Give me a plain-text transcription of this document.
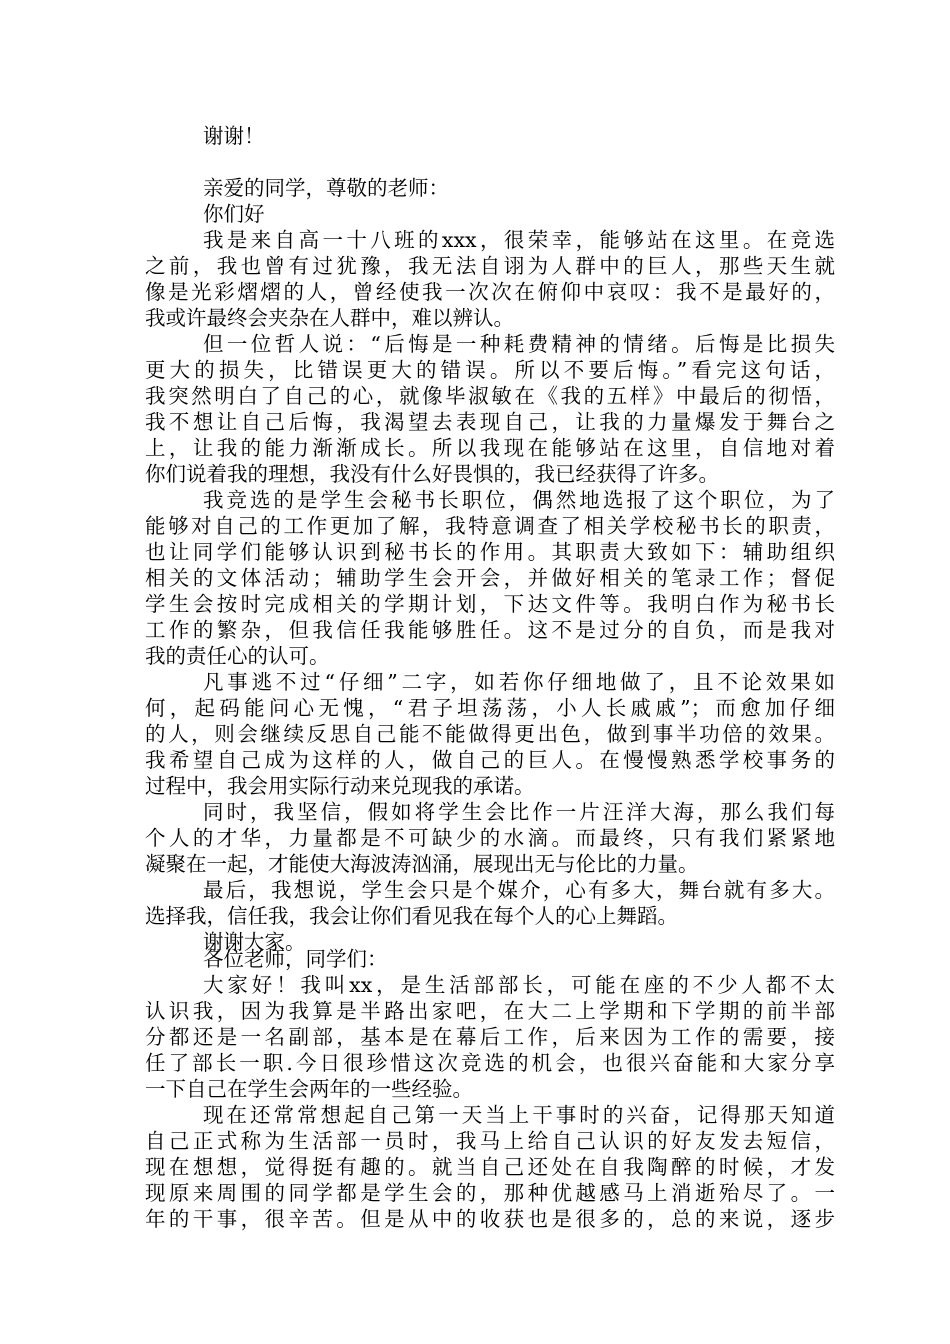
谢谢！
亲爱的同学，尊敬的老师：
你们好
我是来自高一十八班的xxx，很荣幸，能够站在这里。在竞选
之前，我也曾有过犹豫，我无法自诩为人群中的巨人，那些天生就
像是光彩熠熠的人，曾经使我一次次在俯仰中哀叹：我不是最好的，
我或许最终会夹杂在人群中，难以辨认。
但一位哲人说：“后悔是一种耗费精神的情绪。后悔是比损失
更大的损失，比错误更大的错误。所以不要后悔。”看完这句话，
我突然明白了自己的心，就像毕淑敏在《我的五样》中最后的彻悟，
我不想让自己后悔，我渴望去表现自己，让我的力量爆发于舞台之
上，让我的能力渐渐成长。所以我现在能够站在这里，自信地对着
你们说着我的理想，我没有什么好畏惧的，我已经获得了许多。
我竞选的是学生会秘书长职位，偶然地选报了这个职位，为了
能够对自己的工作更加了解，我特意调查了相关学校秘书长的职责，
也让同学们能够认识到秘书长的作用。其职责大致如下：辅助组织
相关的文体活动；辅助学生会开会，并做好相关的笔录工作；督促
学生会按时完成相关的学期计划，下达文件等。我明白作为秘书长
工作的繁杂，但我信任我能够胜任。这不是过分的自负，而是我对
我的责任心的认可。
凡事逃不过“仔细”二字，如若你仔细地做了，且不论效果如
何，起码能问心无愧，“君子坦荡荡，小人长戚戚”；而愈加仔细
的人，则会继续反思自己能不能做得更出色，做到事半功倍的效果。
我希望自己成为这样的人，做自己的巨人。在慢慢熟悉学校事务的
过程中，我会用实际行动来兑现我的承诺。
同时，我坚信，假如将学生会比作一片汪洋大海，那么我们每
个人的才华，力量都是不可缺少的水滴。而最终，只有我们紧紧地
凝聚在一起，才能使大海波涛汹涌，展现出无与伦比的力量。
最后，我想说，学生会只是个媒介，心有多大，舞台就有多大。
选择我，信任我，我会让你们看见我在每个人的心上舞蹈。
谢谢大家。
各位老师，同学们：
大家好！我叫xx，是生活部部长，可能在座的不少人都不太
认识我，因为我算是半路出家吧，在大二上学期和下学期的前半部
分都还是一名副部，基本是在幕后工作，后来因为工作的需要，接
任了部长一职.今日很珍惜这次竞选的机会，也很兴奋能和大家分享
一下自己在学生会两年的一些经验。
现在还常常想起自己第一天当上干事时的兴奋，记得那天知道
自己正式称为生活部一员时，我马上给自己认识的好友发去短信，
现在想想，觉得挺有趣的。就当自己还处在自我陶醉的时候，才发
现原来周围的同学都是学生会的，那种优越感马上消逝殆尽了。一
年的干事，很辛苦。但是从中的收获也是很多的，总的来说，逐步
